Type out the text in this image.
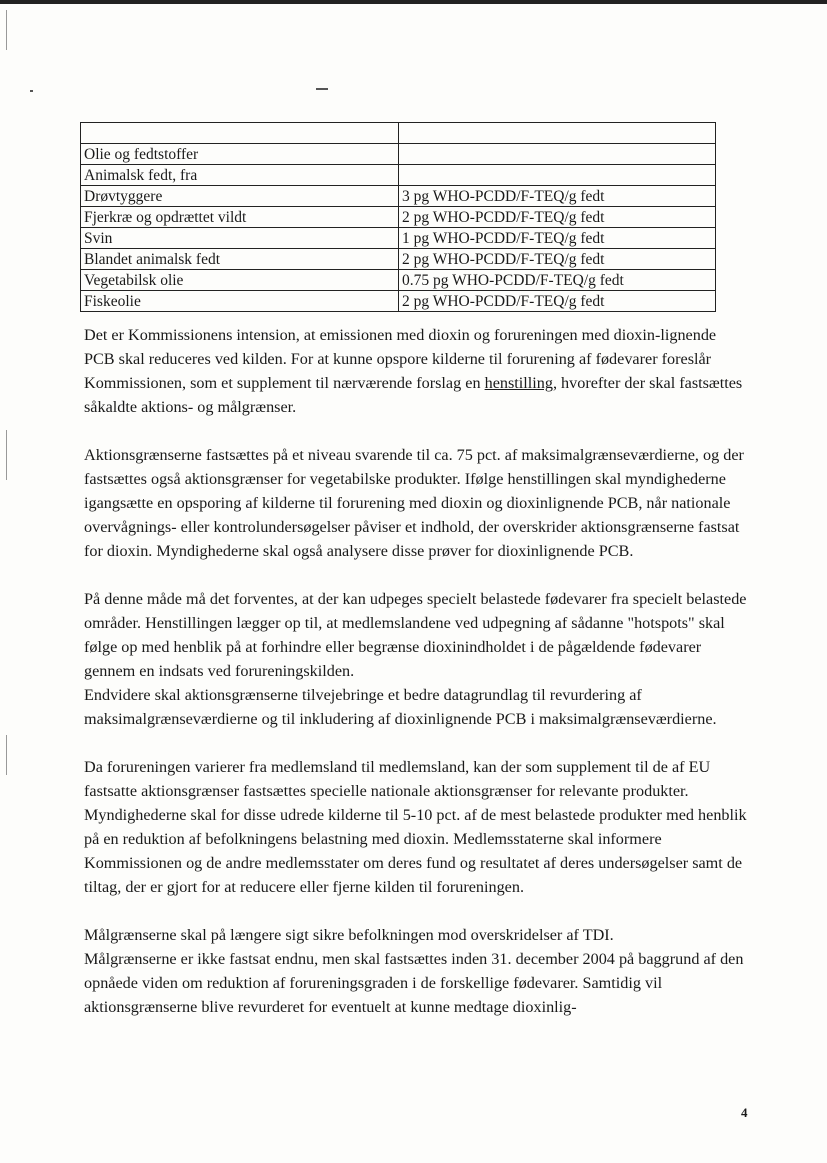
Olie og fedtstoffer	
Animalsk fedt, fra	
Drøvtyggere	3 pg WHO-PCDD/F-TEQ/g fedt
Fjerkræ og opdrættet vildt	2 pg WHO-PCDD/F-TEQ/g fedt
Svin	1 pg WHO-PCDD/F-TEQ/g fedt
Blandet animalsk fedt	2 pg WHO-PCDD/F-TEQ/g fedt
Vegetabilsk olie	0.75 pg WHO-PCDD/F-TEQ/g fedt
Fiskeolie	2 pg WHO-PCDD/F-TEQ/g fedt

Det er Kommissionens intension, at emissionen med dioxin og forureningen med dioxin-lignende PCB skal reduceres ved kilden. For at kunne opspore kilderne til forurening af fødevarer foreslår Kommissionen, som et supplement til nærværende forslag en henstilling, hvorefter der skal fastsættes såkaldte aktions- og målgrænser.

Aktionsgrænserne fastsættes på et niveau svarende til ca. 75 pct. af maksimalgrænseværdierne, og der fastsættes også aktionsgrænser for vegetabilske produkter. Ifølge henstillingen skal myndighederne igangsætte en opsporing af kilderne til forurening med dioxin og dioxinlignende PCB, når nationale overvågnings- eller kontrolundersøgelser påviser et indhold, der overskrider aktionsgrænserne fastsat for dioxin. Myndighederne skal også analysere disse prøver for dioxinlignende PCB.

På denne måde må det forventes, at der kan udpeges specielt belastede fødevarer fra specielt belastede områder. Henstillingen lægger op til, at medlemslandene ved udpegning af sådanne "hotspots" skal følge op med henblik på at forhindre eller begrænse dioxinindholdet i de pågældende fødevarer gennem en indsats ved forureningskilden.
Endvidere skal aktionsgrænserne tilvejebringe et bedre datagrundlag til revurdering af maksimalgrænseværdierne og til inkludering af dioxinlignende PCB i maksimalgrænseværdierne.

Da forureningen varierer fra medlemsland til medlemsland, kan der som supplement til de af EU fastsatte aktionsgrænser fastsættes specielle nationale aktionsgrænser for relevante produkter. Myndighederne skal for disse udrede kilderne til 5-10 pct. af de mest belastede produkter med henblik på en reduktion af befolkningens belastning med dioxin. Medlemsstaterne skal informere Kommissionen og de andre medlemsstater om deres fund og resultatet af deres undersøgelser samt de tiltag, der er gjort for at reducere eller fjerne kilden til forureningen.

Målgrænserne skal på længere sigt sikre befolkningen mod overskridelser af TDI.
Målgrænserne er ikke fastsat endnu, men skal fastsættes inden 31. december 2004 på baggrund af den opnåede viden om reduktion af forureningsgraden i de forskellige fødevarer. Samtidig vil aktionsgrænserne blive revurderet for eventuelt at kunne medtage dioxinlig-

4
